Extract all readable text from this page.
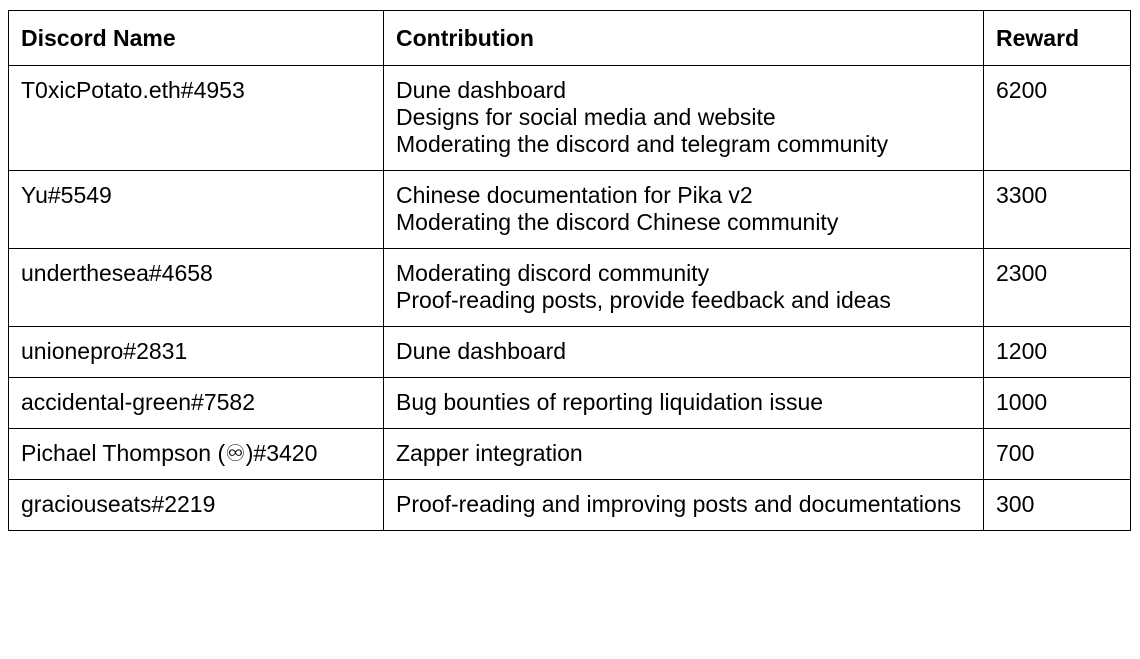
Discord Name	Contribution	Reward
T0xicPotato.eth#4953	Dune dashboard
Designs for social media and website
Moderating the discord and telegram community	6200
Yu#5549	Chinese documentation for Pika v2
Moderating the discord Chinese community	3300
underthesea#4658	Moderating discord community
Proof-reading posts, provide feedback and ideas	2300
unionepro#2831	Dune dashboard	1200
accidental-green#7582	Bug bounties of reporting liquidation issue	1000
Pichael Thompson (♾)#3420	Zapper integration	700
graciouseats#2219	Proof-reading and improving posts and documentations	300
